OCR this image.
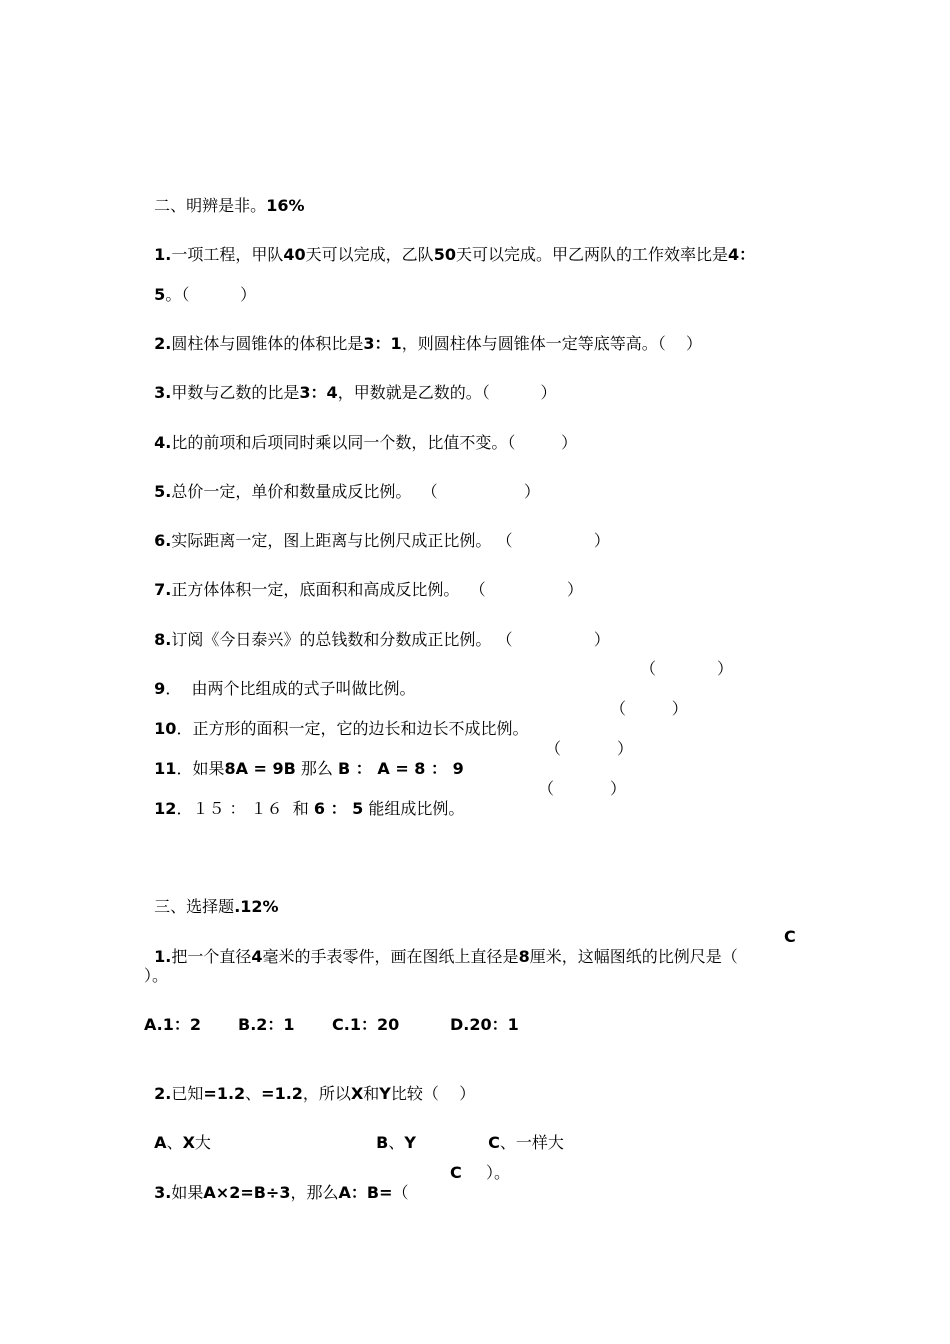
二、明辨是非。16%

1.一项工程，甲队40天可以完成，乙队50天可以完成。甲乙两队的工作效率比是4：

5。（          ）

2.圆柱体与圆锥体的体积比是3：1，则圆柱体与圆锥体一定等底等高。（    ）

3.甲数与乙数的比是3：4，甲数就是乙数的。（          ）

4.比的前项和后项同时乘以同一个数，比值不变。（         ）

5.总价一定，单价和数量成反比例。  （                 ）

6.实际距离一定，图上距离与比例尺成正比例。 （                ）

7.正方体体积一定，底面积和高成反比例。  （                ）

8.订阅《今日泰兴》的总钱数和分数成正比例。 （                ）

9．  由两个比组成的式子叫做比例。

（            ）

10．正方形的面积一定，它的边长和边长不成比例。

（         ）

11．如果8A = 9B 那么 B ： A = 8 ： 9

（           ）

12．１５ ： １６  和 6 ： 5 能组成比例。

（           ）

三、选择题.12%

1.把一个直径4毫米的手表零件，画在图纸上直径是8厘米，这幅图纸的比例尺是（

C
）。
A.1：2 B.2：1 C.1：20	D.20：1

2.已知=1.2、=1.2，所以X和Y比较（    ）

A、X大	B、Y	C、一样大

3.如果A×2=B÷3，那么A：B=（

C ）。
